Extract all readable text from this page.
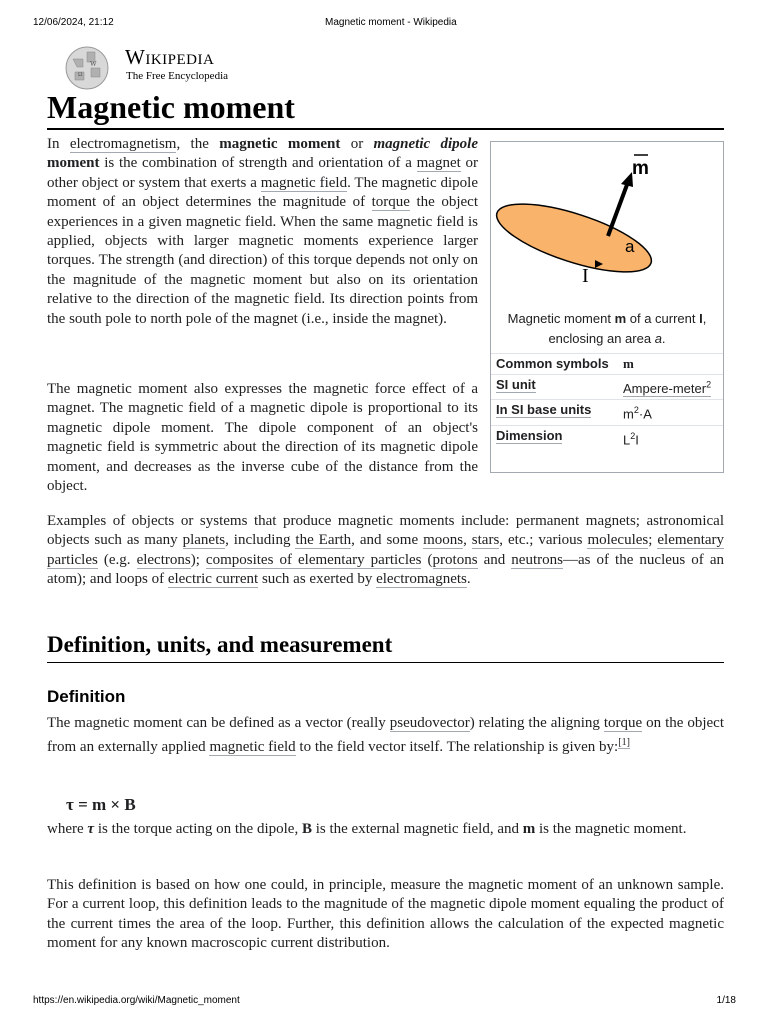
12/06/2024, 21:12	Magnetic moment - Wikipedia
W
Ω
Wikipedia
The Free Encyclopedia
Magnetic moment
In electromagnetism, the magnetic moment or magnetic dipole moment is the combination of strength and orientation of a magnet or other object or system that exerts a magnetic field. The magnetic dipole moment of an object determines the magnitude of torque the object experiences in a given magnetic field. When the same magnetic field is applied, objects with larger magnetic moments experience larger torques. The strength (and direction) of this torque depends not only on the magnitude of the magnetic moment but also on its orientation relative to the direction of the magnetic field. Its direction points from the south pole to north pole of the magnet (i.e., inside the magnet).
The magnetic moment also expresses the magnetic force effect of a magnet. The magnetic field of a magnetic dipole is proportional to its magnetic dipole moment. The dipole component of an object's magnetic field is symmetric about the direction of its magnetic dipole moment, and decreases as the inverse cube of the distance from the object.
Examples of objects or systems that produce magnetic moments include: permanent magnets; astronomical objects such as many planets, including the Earth, and some moons, stars, etc.; various molecules; elementary particles (e.g. electrons); composites of elementary particles (protons and neutrons—as of the nucleus of an atom); and loops of electric current such as exerted by electromagnets.
m
a
I
Magnetic moment m of a current I, enclosing an area a.
Common symbols	m
SI unit	Ampere-meter$^2$
In SI base units	$m^2\cdot A$
Dimension	$L^2I$
Definition, units, and measurement
Definition
The magnetic moment can be defined as a vector (really pseudovector) relating the aligning torque on the object from an externally applied magnetic field to the field vector itself. The relationship is given by:[1]
τ = m × B
where τ is the torque acting on the dipole, B is the external magnetic field, and m is the magnetic moment.
This definition is based on how one could, in principle, measure the magnetic moment of an unknown sample. For a current loop, this definition leads to the magnitude of the magnetic dipole moment equaling the product of the current times the area of the loop. Further, this definition allows the calculation of the expected magnetic moment for any known macroscopic current distribution.
https://en.wikipedia.org/wiki/Magnetic_moment	1/18
